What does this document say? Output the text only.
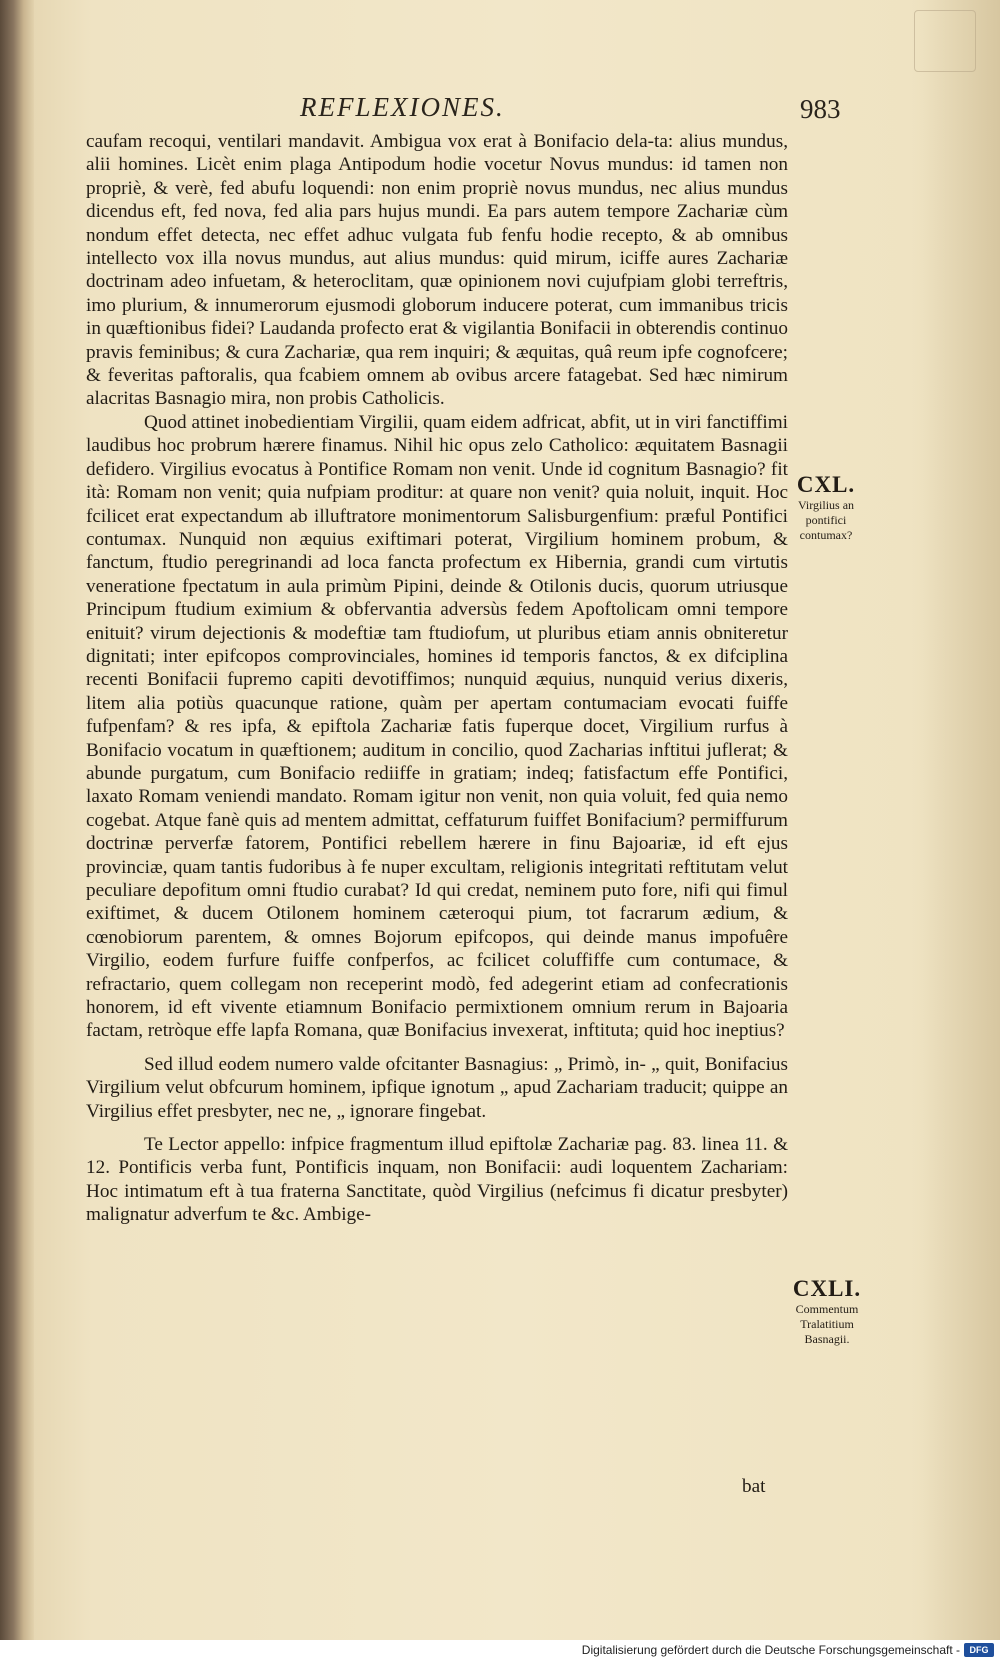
REFLEXIONES.	983

caufam recoqui, ventilari mandavit. Ambigua vox erat à Bonifacio dela-ta: alius mundus, alii homines. Licèt enim plaga Antipodum hodie vocetur Novus mundus: id tamen non propriè, & verè, fed abufu loquendi: non enim propriè novus mundus, nec alius mundus dicendus eft, fed nova, fed alia pars hujus mundi. Ea pars autem tempore Zachariæ cùm nondum effet detecta, nec effet adhuc vulgata fub fenfu hodie recepto, & ab omnibus intellecto vox illa novus mundus, aut alius mundus: quid mirum, iciffe aures Zachariæ doctrinam adeo infuetam, & heteroclitam, quæ opinionem novi cujufpiam globi terreftris, imo plurium, & innumerorum ejusmodi globorum inducere poterat, cum immanibus tricis in quæftionibus fidei? Laudanda profecto erat & vigilantia Bonifacii in obterendis continuo pravis feminibus; & cura Zachariæ, qua rem inquiri; & æquitas, quâ reum ipfe cognofcere; & feveritas paftoralis, qua fcabiem omnem ab ovibus arcere fatagebat. Sed hæc nimirum alacritas Basnagio mira, non probis Catholicis.

Quod attinet inobedientiam Virgilii, quam eidem adfricat, abfit, ut in viri fanctiffimi laudibus hoc probrum hærere finamus. Nihil hic opus zelo Catholico: æquitatem Basnagii defidero. Virgilius evocatus à Pontifice Romam non venit. Unde id cognitum Basnagio? fit ità: Romam non venit; quia nufpiam proditur: at quare non venit? quia noluit, inquit. Hoc fcilicet erat expectandum ab illuftratore monimentorum Salisburgenfium: præful Pontifici contumax. Nunquid non æquius exiftimari poterat, Virgilium hominem probum, & fanctum, ftudio peregrinandi ad loca fancta profectum ex Hibernia, grandi cum virtutis veneratione fpectatum in aula primùm Pipini, deinde & Otilonis ducis, quorum utriusque Principum ftudium eximium & obfervantia adversùs fedem Apoftolicam omni tempore enituit? virum dejectionis & modeftiæ tam ftudiofum, ut pluribus etiam annis obniteretur dignitati; inter epifcopos comprovinciales, homines id temporis fanctos, & ex difciplina recenti Bonifacii fupremo capiti devotiffimos; nunquid æquius, nunquid verius dixeris, litem alia potiùs quacunque ratione, quàm per apertam contumaciam evocati fuiffe fufpenfam? & res ipfa, & epiftola Zachariæ fatis fuperque docet, Virgilium rurfus à Bonifacio vocatum in quæftionem; auditum in concilio, quod Zacharias inftitui juflerat; & abunde purgatum, cum Bonifacio rediiffe in gratiam; indeq; fatisfactum effe Pontifici, laxato Romam veniendi mandato. Romam igitur non venit, non quia voluit, fed quia nemo cogebat. Atque fanè quis ad mentem admittat, ceffaturum fuiffet Bonifacium? permiffurum doctrinæ perverfæ fatorem, Pontifici rebellem hærere in finu Bajoariæ, id eft ejus provinciæ, quam tantis fudoribus à fe nuper excultam, religionis integritati reftitutam velut peculiare depofitum omni ftudio curabat? Id qui credat, neminem puto fore, nifi qui fimul exiftimet, & ducem Otilonem hominem cæteroqui pium, tot facrarum ædium, & cœnobiorum parentem, & omnes Bojorum epifcopos, qui deinde manus impofuêre Virgilio, eodem furfure fuiffe confperfos, ac fcilicet coluffiffe cum contumace, & refractario, quem collegam non receperint modò, fed adegerint etiam ad confecrationis honorem, id eft vivente etiamnum Bonifacio permixtionem omnium rerum in Bajoaria factam, retròque effe lapfa Romana, quæ Bonifacius invexerat, inftituta; quid hoc ineptius?

Sed illud eodem numero valde ofcitanter Basnagius: „ Primò, in- „ quit, Bonifacius Virgilium velut obfcurum hominem, ipfique ignotum „ apud Zachariam traducit; quippe an Virgilius effet presbyter, nec ne, „ ignorare fingebat.

Te Lector appello: infpice fragmentum illud epiftolæ Zachariæ pag. 83. linea 11. & 12. Pontificis verba funt, Pontificis inquam, non Bonifacii: audi loquentem Zachariam: Hoc intimatum eft à tua fraterna Sanctitate, quòd Virgilius (nefcimus fi dicatur presbyter) malignatur adverfum te &c. Ambige-

bat
CXL.
Virgilius an pontifici contumax?
CXLI.
Commentum Tralatitium Basnagii.
Digitalisierung gefördert durch die Deutsche Forschungsgemeinschaft -	DFG
